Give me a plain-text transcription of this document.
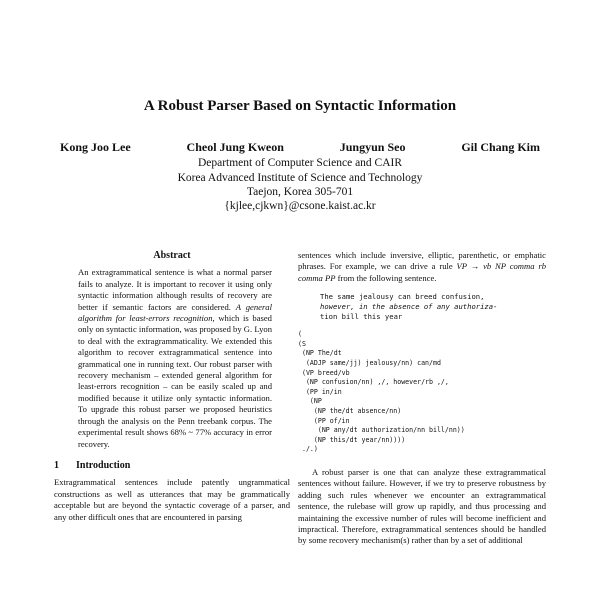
A Robust Parser Based on Syntactic Information
Kong Joo Lee	Cheol Jung Kweon	Jungyun Seo	Gil Chang Kim
Department of Computer Science and CAIR
Korea Advanced Institute of Science and Technology
Taejon, Korea 305-701
{kjlee,cjkwn}@csone.kaist.ac.kr
Abstract

An extragrammatical sentence is what a normal parser fails to analyze. It is important to recover it using only syntactic information although results of recovery are better if semantic factors are considered. A general algorithm for least-errors recognition, which is based only on syntactic information, was proposed by G. Lyon to deal with the extragrammaticality. We extended this algorithm to recover extragrammatical sentence into grammatical one in running text. Our robust parser with recovery mechanism – extended general algorithm for least-errors recognition – can be easily scaled up and modified because it utilize only syntactic information. To upgrade this robust parser we proposed heuristics through the analysis on the Penn treebank corpus. The experimental result shows 68% ~ 77% accuracy in error recovery.

1 Introduction

Extragrammatical sentences include patently ungrammatical constructions as well as utterances that may be grammatically acceptable but are beyond the syntactic coverage of a parser, and any other difficult ones that are encountered in parsing

sentences which include inversive, elliptic, parenthetic, or emphatic phrases. For example, we can drive a rule VP → vb NP comma rb comma PP from the following sentence.

The same jealousy can breed confusion,
however, in the absence of any authoriza-
tion bill this year
(
(S
(NP The/dt
(ADJP same/jj) jealousy/nn) can/md
(VP breed/vb
(NP confusion/nn) ,/, however/rb ,/,
(PP in/in
(NP
(NP the/dt absence/nn)
(PP of/in
(NP any/dt authorization/nn bill/nn))
(NP this/dt year/nn))))
./.)

A robust parser is one that can analyze these extragrammatical sentences without failure. However, if we try to preserve robustness by adding such rules whenever we encounter an extragrammatical sentence, the rulebase will grow up rapidly, and thus processing and maintaining the excessive number of rules will become inefficient and impractical. Therefore, extragrammatical sentences should be handled by some recovery mechanism(s) rather than by a set of additional
